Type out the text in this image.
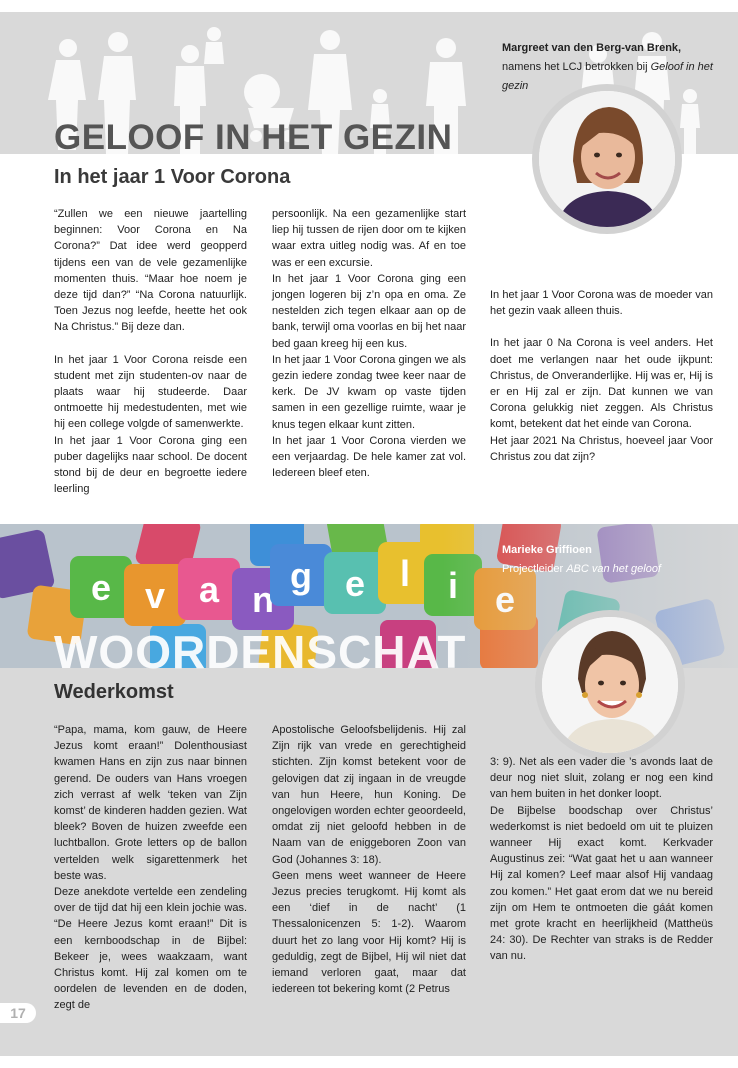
GELOOF IN HET GEZIN
In het jaar 1 Voor Corona
Margreet van den Berg-van Brenk,
namens het LCJ betrokken bij Geloof in het gezin

“Zullen we een nieuwe jaartelling beginnen: Voor Corona en Na Corona?” Dat idee werd geopperd tijdens een van de vele gezamenlijke momenten thuis. “Maar hoe noem je deze tijd dan?” “Na Corona natuurlijk. Toen Jezus nog leefde, heette het ook Na Christus.” Bij deze dan.

In het jaar 1 Voor Corona reisde een student met zijn studenten-ov naar de plaats waar hij studeerde. Daar ontmoette hij medestudenten, met wie hij een college volgde of samenwerkte.
In het jaar 1 Voor Corona ging een puber dagelijks naar school. De docent stond bij de deur en begroette iedere leerling

persoonlijk. Na een gezamenlijke start liep hij tussen de rijen door om te kijken waar extra uitleg nodig was. Af en toe was er een excursie.
In het jaar 1 Voor Corona ging een jongen logeren bij z’n opa en oma. Ze nestelden zich tegen elkaar aan op de bank, terwijl oma voorlas en bij het naar bed gaan kreeg hij een kus.
In het jaar 1 Voor Corona gingen we als gezin iedere zondag twee keer naar de kerk. De JV kwam op vaste tijden samen in een gezellige ruimte, waar je knus tegen elkaar kunt zitten.
In het jaar 1 Voor Corona vierden we een verjaardag. De hele kamer zat vol. Iedereen bleef eten.

In het jaar 1 Voor Corona was de moeder van het gezin vaak alleen thuis.

In het jaar 0 Na Corona is veel anders. Het doet me verlangen naar het oude ijkpunt: Christus, de Onveranderlijke. Hij was er, Hij is er en Hij zal er zijn. Dat kunnen we van Corona gelukkig niet zeggen. Als Christus komt, betekent dat het einde van Corona.
Het jaar 2021 Na Christus, hoeveel jaar Voor Christus zou dat zijn?

WOORDENSCHAT
Wederkomst
Marieke Griffioen
Projectleider ABC van het geloof

“Papa, mama, kom gauw, de Heere Jezus komt eraan!” Dolenthousiast kwamen Hans en zijn zus naar binnen gerend. De ouders van Hans vroegen zich verrast af welk ‘teken van Zijn komst’ de kinderen hadden gezien. Wat bleek? Boven de huizen zweefde een luchtballon. Grote letters op de ballon vertelden welk sigarettenmerk het beste was.
Deze anekdote vertelde een zendeling over de tijd dat hij een klein jochie was. “De Heere Jezus komt eraan!” Dit is een kernboodschap in de Bijbel: Bekeer je, wees waakzaam, want Christus komt. Hij zal komen om te oordelen de levenden en de doden, zegt de

Apostolische Geloofsbelijdenis. Hij zal Zijn rijk van vrede en gerechtigheid stichten. Zijn komst betekent voor de gelovigen dat zij ingaan in de vreugde van hun Heere, hun Koning. De ongelovigen worden echter geoordeeld, omdat zij niet geloofd hebben in de Naam van de eniggeboren Zoon van God (Johannes 3: 18).
Geen mens weet wanneer de Heere Jezus precies terugkomt. Hij komt als een ‘dief in de nacht’ (1 Thessalonicenzen 5: 1-2). Waarom duurt het zo lang voor Hij komt? Hij is geduldig, zegt de Bijbel, Hij wil niet dat iemand verloren gaat, maar dat iedereen tot bekering komt (2 Petrus

3: 9). Net als een vader die ’s avonds laat de deur nog niet sluit, zolang er nog een kind van hem buiten in het donker loopt.
De Bijbelse boodschap over Christus’ wederkomst is niet bedoeld om uit te pluizen wanneer Hij exact komt. Kerkvader Augustinus zei: “Wat gaat het u aan wanneer Hij zal komen? Leef maar alsof Hij vandaag zou komen.” Het gaat erom dat we nu bereid zijn om Hem te ontmoeten die gáát komen met grote kracht en heerlijkheid (Mattheüs 24: 30). De Rechter van straks is de Redder van nu.

17
